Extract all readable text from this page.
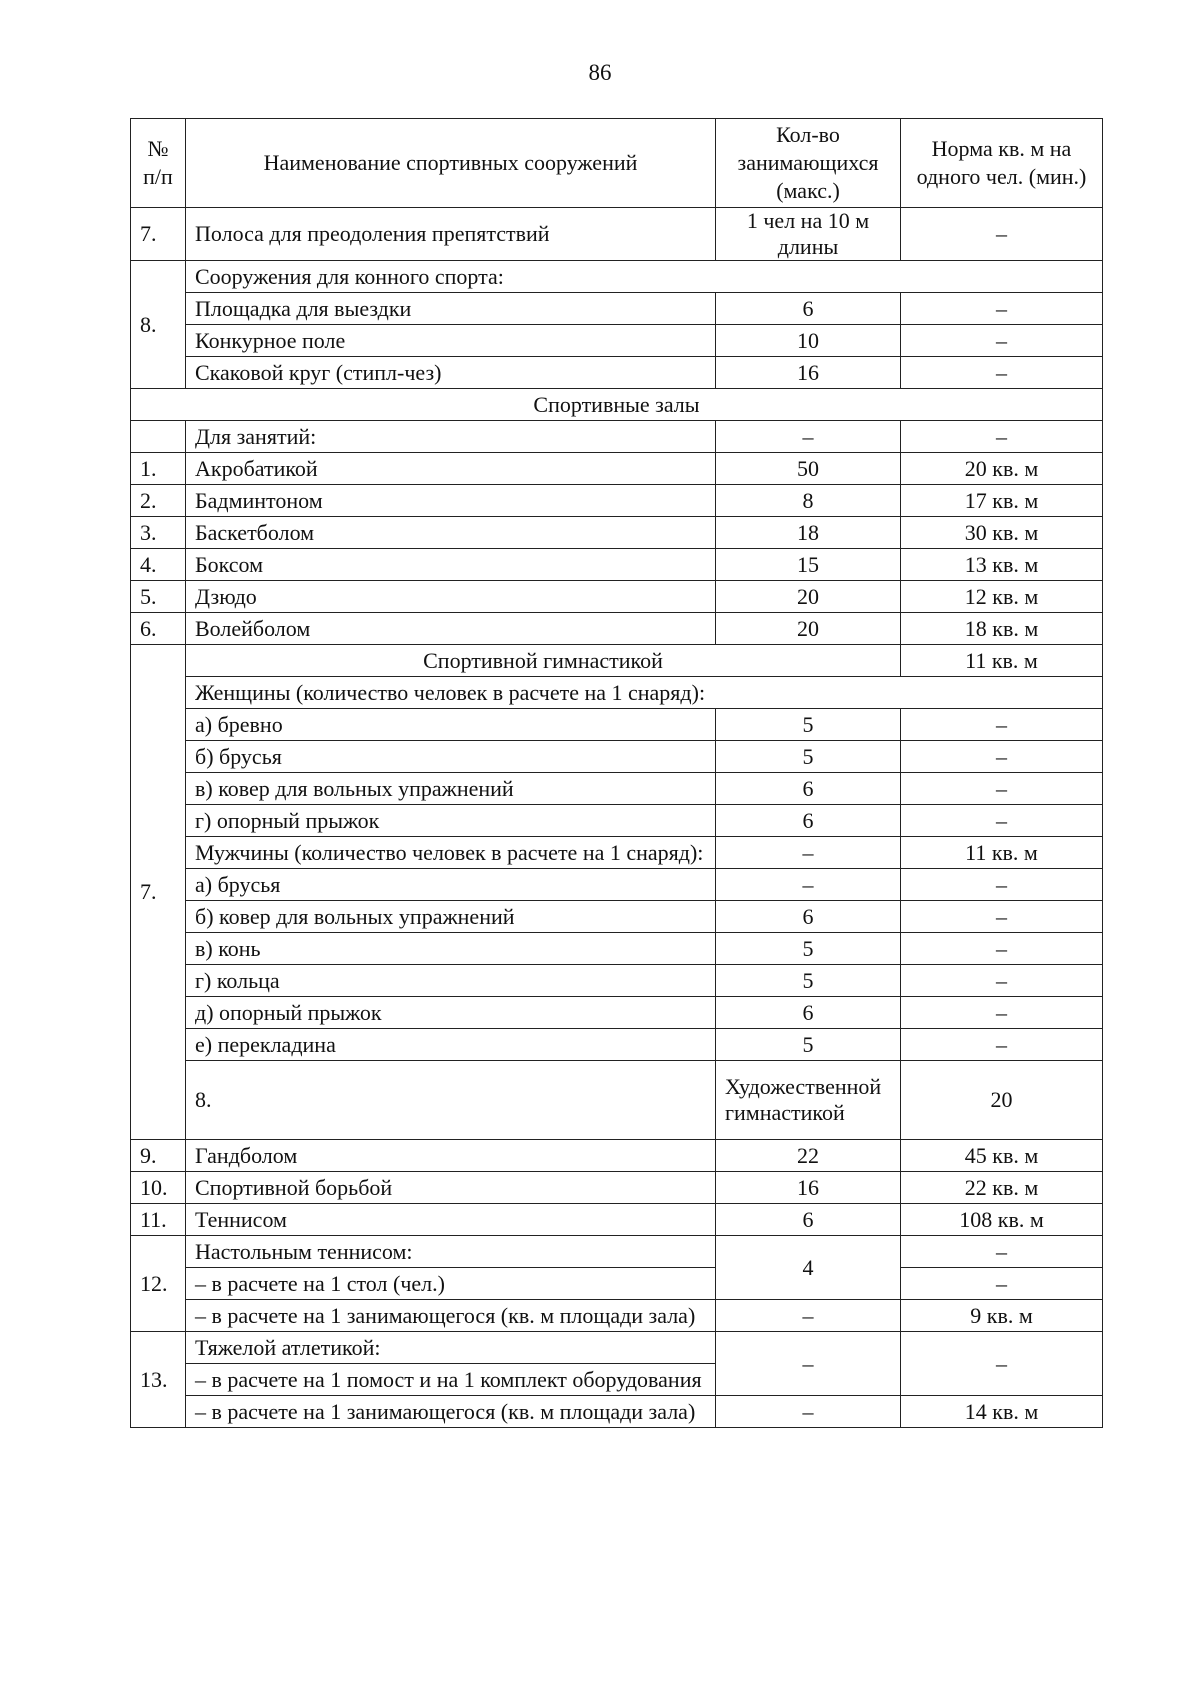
86
№ п/п	Наименование спортивных сооружений	Кол-во занимающихся (макс.)	Норма кв. м на одного чел. (мин.)	
7.	Полоса для преодоления препятствий	1 чел на 10 м длины	–	
8.	Сооружения для конного спорта:			
	Площадка для выездки	6	–	
	Конкурное поле	10	–	
	Скаковой круг (стипл-чез)	16	–	
Спортивные залы				
	Для занятий:	–	–	
1.	Акробатикой	50	20 кв. м	
2.	Бадминтоном	8	17 кв. м	
3.	Баскетболом	18	30 кв. м	
4.	Боксом	15	13 кв. м	
5.	Дзюдо	20	12 кв. м	
6.	Волейболом	20	18 кв. м	
7.	Спортивной гимнастикой		11 кв. м	
	Женщины (количество человек в расчете на 1 снаряд):			
	а) бревно	5	–	
	б) брусья	5	–	
	в) ковер для вольных упражнений	6	–	
	г) опорный прыжок	6	–	
	Мужчины (количество человек в расчете на 1 снаряд):	–	11 кв. м	
	а) брусья	–	–	
	б) ковер для вольных упражнений	6	–	
	в) конь	5	–	
	г) кольца	5	–	
	д) опорный прыжок	6	–	
	е) перекладина	5	–	
	8.	Художественной гимнастикой	20	
9.	Гандболом	22	45 кв. м	
10.	Спортивной борьбой	16	22 кв. м	
11.	Теннисом	6	108 кв. м	
12.	Настольным теннисом:	4	–	
	– в расчете на 1 стол (чел.)		–	
	– в расчете на 1 занимающегося (кв. м площади зала)	–	9 кв. м	
13.	Тяжелой атлетикой:	–	–	
	– в расчете на 1 помост и на 1 комплект оборудования			
	– в расчете на 1 занимающегося (кв. м площади зала)	–	14 кв. м	
